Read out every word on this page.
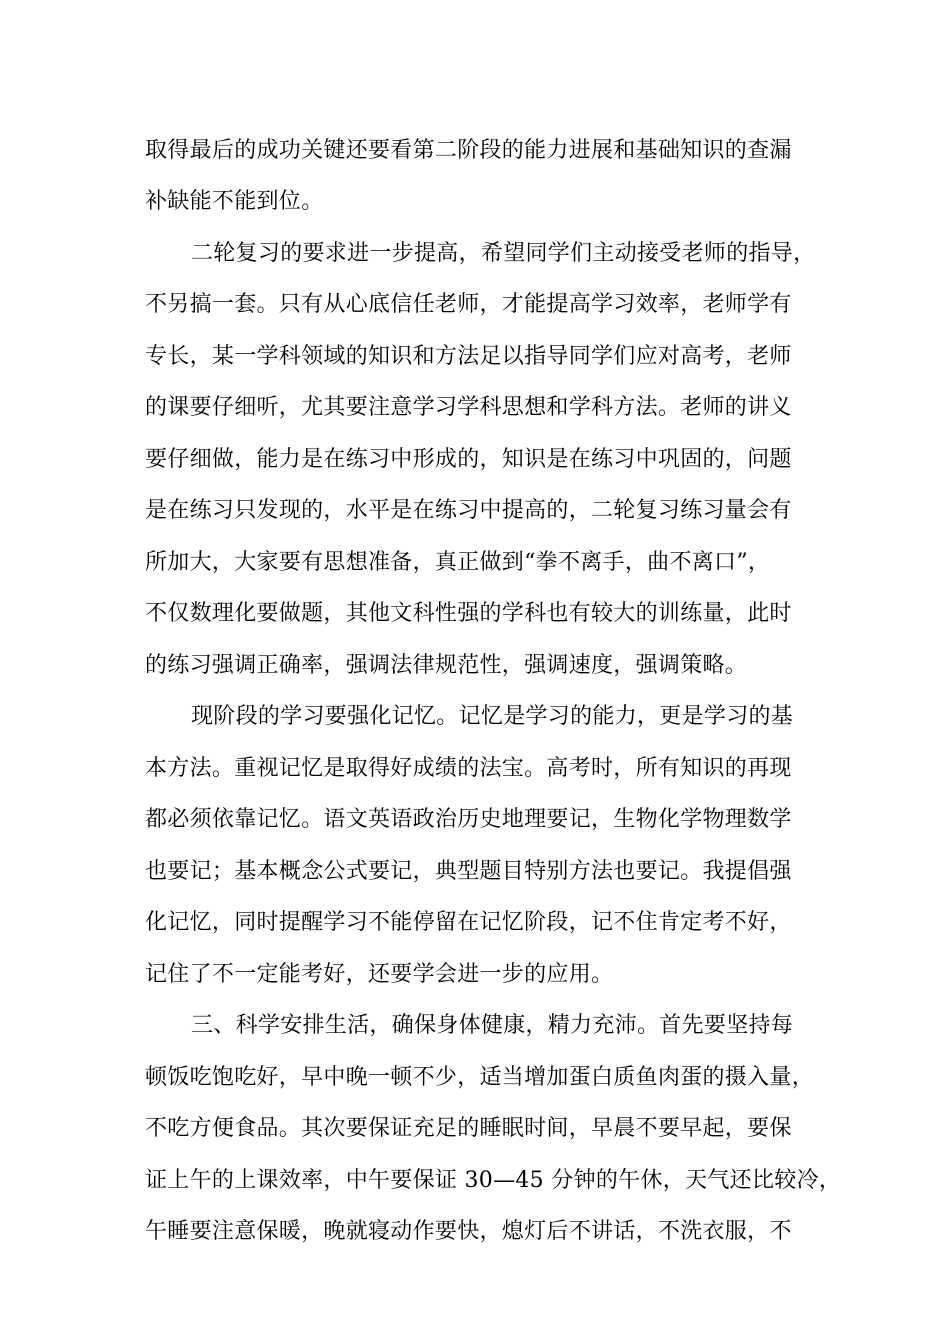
取得最后的成功关键还要看第二阶段的能力进展和基础知识的查漏
补缺能不能到位。
二轮复习的要求进一步提高，希望同学们主动接受老师的指导，
不另搞一套。只有从心底信任老师，才能提高学习效率，老师学有
专长，某一学科领域的知识和方法足以指导同学们应对高考，老师
的课要仔细听，尤其要注意学习学科思想和学科方法。老师的讲义
要仔细做，能力是在练习中形成的，知识是在练习中巩固的，问题
是在练习只发现的，水平是在练习中提高的，二轮复习练习量会有
所加大，大家要有思想准备，真正做到“拳不离手，曲不离口”，
不仅数理化要做题，其他文科性强的学科也有较大的训练量，此时
的练习强调正确率，强调法律规范性，强调速度，强调策略。
现阶段的学习要强化记忆。记忆是学习的能力，更是学习的基
本方法。重视记忆是取得好成绩的法宝。高考时，所有知识的再现
都必须依靠记忆。语文英语政治历史地理要记，生物化学物理数学
也要记；基本概念公式要记，典型题目特别方法也要记。我提倡强
化记忆，同时提醒学习不能停留在记忆阶段，记不住肯定考不好，
记住了不一定能考好，还要学会进一步的应用。
三、科学安排生活，确保身体健康，精力充沛。首先要坚持每
顿饭吃饱吃好，早中晚一顿不少，适当增加蛋白质鱼肉蛋的摄入量，
不吃方便食品。其次要保证充足的睡眠时间，早晨不要早起，要保
证上午的上课效率，中午要保证 30—45 分钟的午休，天气还比较冷，
午睡要注意保暖，晚就寝动作要快，熄灯后不讲话，不洗衣服，不
